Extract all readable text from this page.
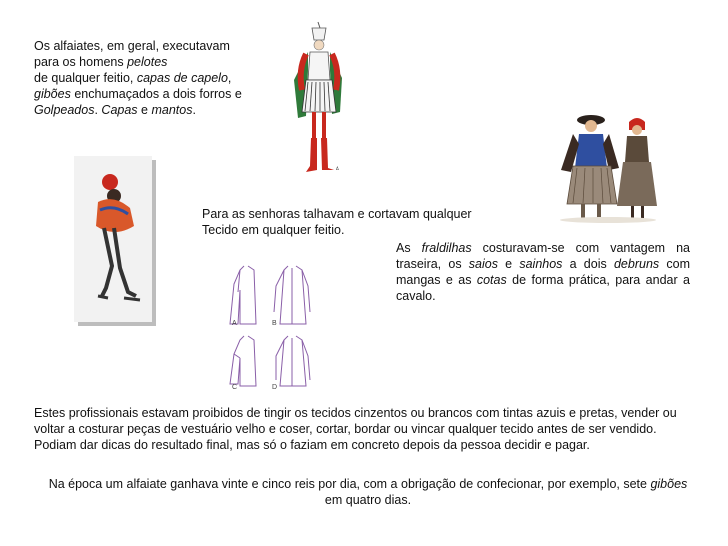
Os alfaiates, em geral, executavam

para os homens pelotes

de qualquer feitio, capas de capelo,

gibões enchumaçados a dois forros e

Golpeados. Capas e mantos.

Δ

Para as senhoras talhavam e cortavam qualquer

Tecido em qualquer feitio.

As fraldilhas costuravam-se com vantagem na traseira, os saios e sainhos a dois debruns com mangas e as cotas de forma prática, para andar a cavalo.
A	B
C	D

Estes profissionais estavam proibidos de tingir os tecidos cinzentos ou brancos com tintas azuis e pretas, vender ou

voltar a costurar peças de vestuário velho e coser, cortar, bordar ou vincar qualquer tecido antes de ser vendido.

Podiam dar dicas do resultado final, mas só o faziam em concreto depois da pessoa decidir e pagar.

Na época um alfaiate ganhava vinte e cinco reis por dia, com a obrigação de confecionar, por exemplo, sete gibões

em quatro dias.
